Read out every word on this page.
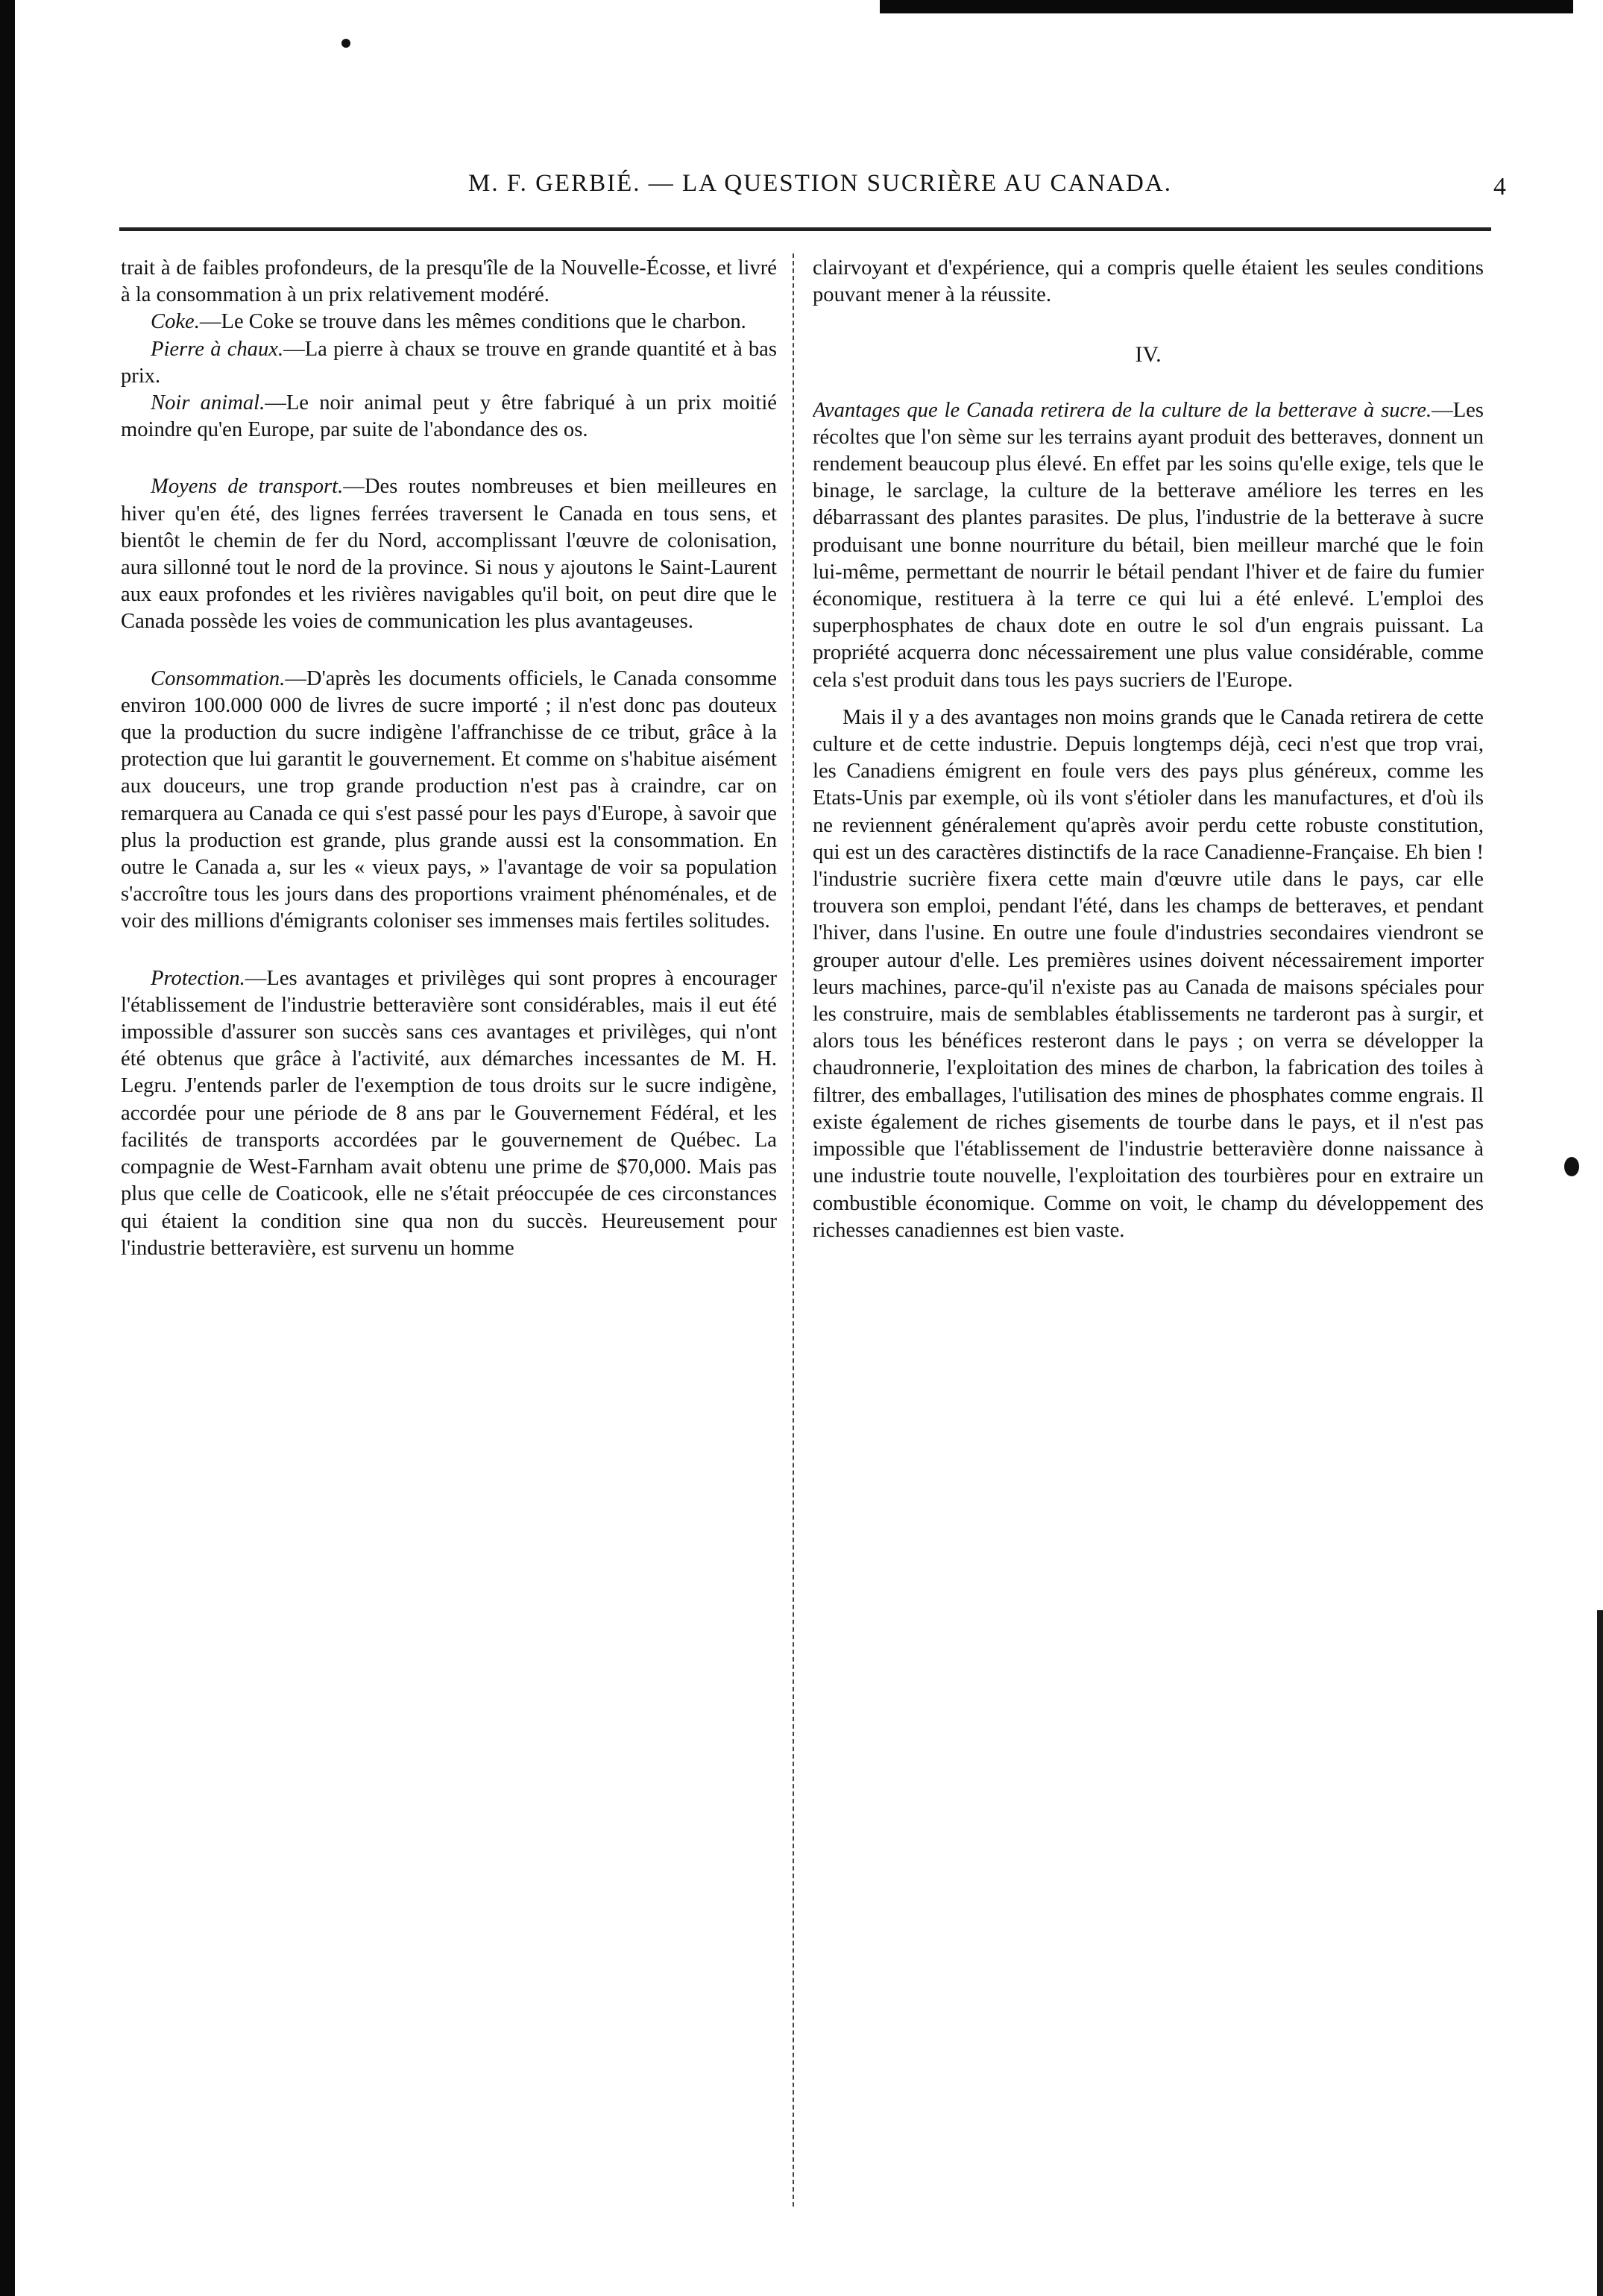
M. F. GERBIÉ. — LA QUESTION SUCRIÈRE AU CANADA.	4

trait à de faibles profondeurs, de la presqu'île de la Nouvelle-Écosse, et livré à la consommation à un prix relativement modéré.

Coke.—Le Coke se trouve dans les mêmes conditions que le charbon.

Pierre à chaux.—La pierre à chaux se trouve en grande quantité et à bas prix.

Noir animal.—Le noir animal peut y être fabriqué à un prix moitié moindre qu'en Europe, par suite de l'abondance des os.

Moyens de transport.—Des routes nombreuses et bien meilleures en hiver qu'en été, des lignes ferrées traversent le Canada en tous sens, et bientôt le chemin de fer du Nord, accomplissant l'œuvre de colonisation, aura sillonné tout le nord de la province. Si nous y ajoutons le Saint-Laurent aux eaux profondes et les rivières navigables qu'il boit, on peut dire que le Canada possède les voies de communication les plus avantageuses.

Consommation.—D'après les documents officiels, le Canada consomme environ 100.000 000 de livres de sucre importé ; il n'est donc pas douteux que la production du sucre indigène l'affranchisse de ce tribut, grâce à la protection que lui garantit le gouvernement. Et comme on s'habitue aisément aux douceurs, une trop grande production n'est pas à craindre, car on remarquera au Canada ce qui s'est passé pour les pays d'Europe, à savoir que plus la production est grande, plus grande aussi est la consommation. En outre le Canada a, sur les « vieux pays, » l'avantage de voir sa population s'accroître tous les jours dans des proportions vraiment phénoménales, et de voir des millions d'émigrants coloniser ses immenses mais fertiles solitudes.

Protection.—Les avantages et privilèges qui sont propres à encourager l'établissement de l'industrie betteravière sont considérables, mais il eut été impossible d'assurer son succès sans ces avantages et privilèges, qui n'ont été obtenus que grâce à l'activité, aux démarches incessantes de M. H. Legru. J'entends parler de l'exemption de tous droits sur le sucre indigène, accordée pour une période de 8 ans par le Gouvernement Fédéral, et les facilités de transports accordées par le gouvernement de Québec. La compagnie de West-Farnham avait obtenu une prime de $70,000. Mais pas plus que celle de Coaticook, elle ne s'était préoccupée de ces circonstances qui étaient la condition sine qua non du succès. Heureusement pour l'industrie betteravière, est survenu un homme

clairvoyant et d'expérience, qui a compris quelle étaient les seules conditions pouvant mener à la réussite.

IV.

Avantages que le Canada retirera de la culture de la betterave à sucre.—Les récoltes que l'on sème sur les terrains ayant produit des betteraves, donnent un rendement beaucoup plus élevé. En effet par les soins qu'elle exige, tels que le binage, le sarclage, la culture de la betterave améliore les terres en les débarrassant des plantes parasites. De plus, l'industrie de la betterave à sucre produisant une bonne nourriture du bétail, bien meilleur marché que le foin lui-même, permettant de nourrir le bétail pendant l'hiver et de faire du fumier économique, restituera à la terre ce qui lui a été enlevé. L'emploi des superphosphates de chaux dote en outre le sol d'un engrais puissant. La propriété acquerra donc nécessairement une plus value considérable, comme cela s'est produit dans tous les pays sucriers de l'Europe.

Mais il y a des avantages non moins grands que le Canada retirera de cette culture et de cette industrie. Depuis longtemps déjà, ceci n'est que trop vrai, les Canadiens émigrent en foule vers des pays plus généreux, comme les Etats-Unis par exemple, où ils vont s'étioler dans les manufactures, et d'où ils ne reviennent généralement qu'après avoir perdu cette robuste constitution, qui est un des caractères distinctifs de la race Canadienne-Française. Eh bien ! l'industrie sucrière fixera cette main d'œuvre utile dans le pays, car elle trouvera son emploi, pendant l'été, dans les champs de betteraves, et pendant l'hiver, dans l'usine. En outre une foule d'industries secondaires viendront se grouper autour d'elle. Les premières usines doivent nécessairement importer leurs machines, parce-qu'il n'existe pas au Canada de maisons spéciales pour les construire, mais de semblables établissements ne tarderont pas à surgir, et alors tous les bénéfices resteront dans le pays ; on verra se développer la chaudronnerie, l'exploitation des mines de charbon, la fabrication des toiles à filtrer, des emballages, l'utilisation des mines de phosphates comme engrais. Il existe également de riches gisements de tourbe dans le pays, et il n'est pas impossible que l'établissement de l'industrie betteravière donne naissance à une industrie toute nouvelle, l'exploitation des tourbières pour en extraire un combustible économique. Comme on voit, le champ du développement des richesses canadiennes est bien vaste.
